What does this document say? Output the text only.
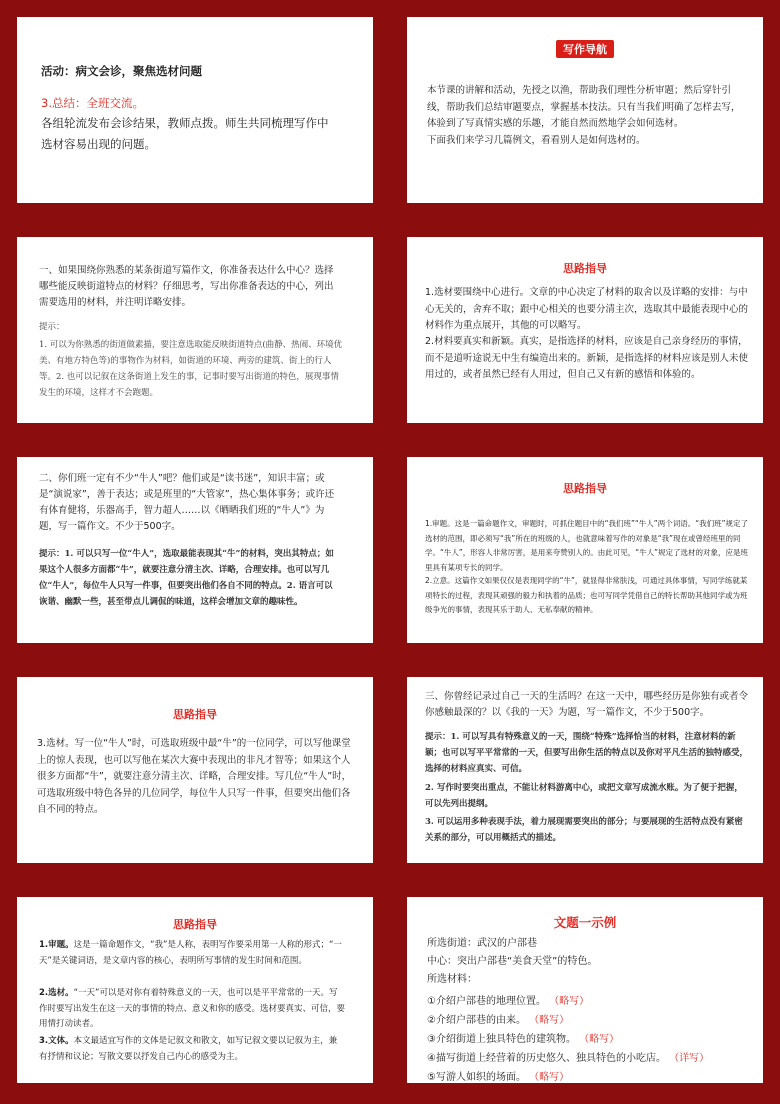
活动：病文会诊，聚焦选材问题

3.总结：全班交流。

各组轮流发布会诊结果，教师点拨。师生共同梳理写作中选材容易出现的问题。

写作导航

本节课的讲解和活动，先授之以渔，帮助我们理性分析审题；然后穿针引线，帮助我们总结审题要点，掌握基本技法。只有当我们明确了怎样去写，体验到了写真情实感的乐趣，才能自然而然地学会如何选材。

下面我们来学习几篇例文，看看别人是如何选材的。

一、如果围绕你熟悉的某条街道写篇作文，你准备表达什么中心？选择哪些能反映街道特点的材料？仔细思考，写出你准备表达的中心，列出需要选用的材料，并注明详略安排。

提示：

1. 可以为你熟悉的街道做素描，要注意选取能反映街道特点(曲静、热闹、环境优美、有地方特色等)的事物作为材料，如街道的环境、两旁的建筑、街上的行人等。2. 也可以记叙在这条街道上发生的事，记事时要写出街道的特色，展现事情发生的环境，这样才不会跑题。

思路指导

1.选材要围绕中心进行。文章的中心决定了材料的取舍以及详略的安排：与中心无关的，舍弃不取；跟中心相关的也要分清主次，选取其中最能表现中心的材料作为重点展开，其他的可以略写。

2.材料要真实和新颖。真实，是指选择的材料，应该是自己亲身经历的事情，而不是道听途说无中生有编造出来的。新颖，是指选择的材料应该是别人未使用过的，或者虽然已经有人用过，但自己又有新的感悟和体验的。

二、你们班一定有不少“牛人”吧？他们或是“读书迷”，知识丰富；或是“演说家”，善于表达；或是班里的“大管家”，热心集体事务；或许还有体育健将，乐器高手，智力超人……以《晒晒我们班的“牛人”》为题，写一篇作文。不少于500字。

提示：1. 可以只写一位“牛人”，选取最能表现其“牛”的材料，突出其特点；如果这个人很多方面都“牛”，就要注意分清主次、详略，合理安排。也可以写几位“牛人”，每位牛人只写一件事，但要突出他们各自不同的特点。2. 语言可以诙谐、幽默一些，甚至带点儿调侃的味道，这样会增加文章的趣味性。

思路指导

1.审题。这是一篇命题作文，审题时，可抓住题目中的“我们班”“牛人”两个词语。“我们班”规定了选材的范围，即必须写“我”所在的班级的人，也就意味着写作的对象是“我”现在或曾经班里的同学。“牛人”，形容人非常厉害，是用来夸赞别人的。由此可见，“牛人”规定了选材的对象，应是班里具有某项专长的同学。

2.立意。这篇作文如果仅仅是表现同学的“牛”，就显得非常肤浅，可通过具体事情，写同学练就某项特长的过程，表现其顽强的毅力和执着的品质；也可写同学凭借自己的特长帮助其他同学或为班级争光的事情，表现其乐于助人、无私奉献的精神。

思路指导

3.选材。写一位“牛人”时，可选取班级中最“牛”的一位同学，可以写他课堂上的惊人表现，也可以写他在某次大赛中表现出的非凡才智等；如果这个人很多方面都“牛”，就要注意分清主次、详略，合理安排。写几位“牛人”时，可选取班级中特色各异的几位同学，每位牛人只写一件事，但要突出他们各自不同的特点。

三、你曾经记录过自己一天的生活吗？在这一天中，哪些经历是你独有或者令你感触最深的？以《我的一天》为题，写一篇作文，不少于500字。

提示：1. 可以写具有特殊意义的一天，围绕“特殊”选择恰当的材料，注意材料的新颖；也可以写平平常常的一天，但要写出你生活的特点以及你对平凡生活的独特感受，选择的材料应真实、可信。

2. 写作时要突出重点，不能让材料游离中心，或把文章写成流水账。为了便于把握，可以先列出提纲。

3. 可以运用多种表现手法，着力展现需要突出的部分；与要展现的生活特点没有紧密关系的部分，可以用概括式的描述。

思路指导

1.审题。这是一篇命题作文，“我”是人称，表明写作要采用第一人称的形式；“一天”是关键词语，是文章内容的核心，表明所写事情的发生时间和范围。

2.选材。“一天”可以是对你有着特殊意义的一天，也可以是平平常常的一天。写作时要写出发生在这一天的事情的特点、意义和你的感受。选材要真实、可信，要用情打动读者。

3.文体。本文最适宜写作的文体是记叙文和散文，如写记叙文要以记叙为主，兼有抒情和议论；写散文要以抒发自己内心的感受为主。

文题一示例

所选街道：武汉的户部巷

中心：突出户部巷“美食天堂”的特色。

所选材料：

①介绍户部巷的地理位置。 （略写）

②介绍户部巷的由来。 （略写）

③介绍街道上独具特色的建筑物。 （略写）

④描写街道上经营着的历史悠久、独具特色的小吃店。 （详写）

⑤写游人如织的场面。 （略写）
